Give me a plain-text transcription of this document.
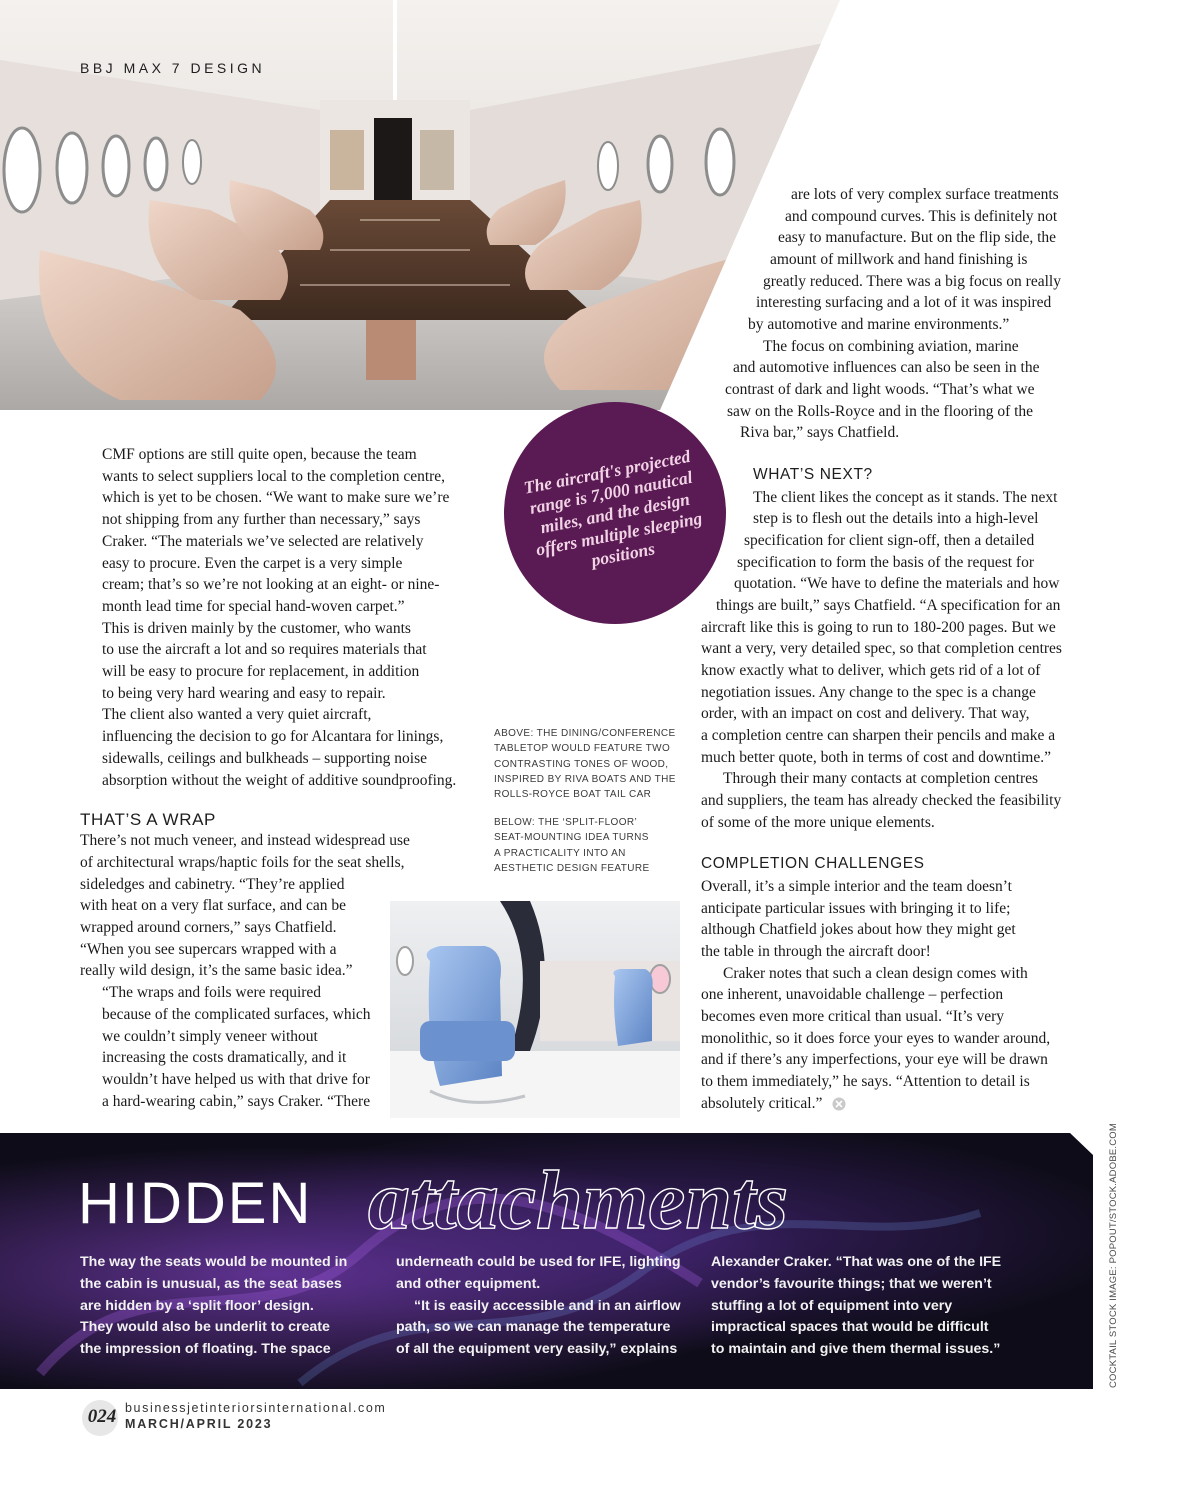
BBJ MAX 7 DESIGN

CMF options are still quite open, because the team
wants to select suppliers local to the completion centre,
which is yet to be chosen. “We want to make sure we’re
not shipping from any further than necessary,” says
Craker. “The materials we’ve selected are relatively
easy to procure. Even the carpet is a very simple
cream; that’s so we’re not looking at an eight- or nine-
month lead time for special hand-woven carpet.”

This is driven mainly by the customer, who wants
to use the aircraft a lot and so requires materials that
will be easy to procure for replacement, in addition
to being very hard wearing and easy to repair.

The client also wanted a very quiet aircraft,
influencing the decision to go for Alcantara for linings,
sidewalls, ceilings and bulkheads – supporting noise
absorption without the weight of additive soundproofing.

THAT’S A WRAP

There’s not much veneer, and instead widespread use
of architectural wraps/haptic foils for the seat shells,
sideledges and cabinetry. “They’re applied
with heat on a very flat surface, and can be
wrapped around corners,” says Chatfield.
“When you see supercars wrapped with a
really wild design, it’s the same basic idea.”

“The wraps and foils were required
because of the complicated surfaces, which
we couldn’t simply veneer without
increasing the costs dramatically, and it
wouldn’t have helped us with that drive for
a hard-wearing cabin,” says Craker. “There

The aircraft's projected range is 7,000 nautical miles, and the design offers multiple sleeping positions
ABOVE: THE DINING/CONFERENCE
TABLETOP WOULD FEATURE TWO
CONTRASTING TONES OF WOOD,
INSPIRED BY RIVA BOATS AND THE
ROLLS-ROYCE BOAT TAIL CAR
BELOW: THE ‘SPLIT-FLOOR’
SEAT-MOUNTING IDEA TURNS
A PRACTICALITY INTO AN
AESTHETIC DESIGN FEATURE
are lots of very complex surface treatments
and compound curves. This is definitely not
easy to manufacture. But on the flip side, the
amount of millwork and hand finishing is
greatly reduced. There was a big focus on really
interesting surfacing and a lot of it was inspired
by automotive and marine environments.”
The focus on combining aviation, marine
and automotive influences can also be seen in the
contrast of dark and light woods. “That’s what we
saw on the Rolls-Royce and in the flooring of the
Riva bar,” says Chatfield.
WHAT’S NEXT?
The client likes the concept as it stands. The next
step is to flesh out the details into a high-level
specification for client sign-off, then a detailed
specification to form the basis of the request for
quotation. “We have to define the materials and how
things are built,” says Chatfield. “A specification for an
aircraft like this is going to run to 180-200 pages. But we
want a very, very detailed spec, so that completion centres
know exactly what to deliver, which gets rid of a lot of
negotiation issues. Any change to the spec is a change
order, with an impact on cost and delivery. That way,
a completion centre can sharpen their pencils and make a
much better quote, both in terms of cost and downtime.”
Through their many contacts at completion centres
and suppliers, the team has already checked the feasibility
of some of the more unique elements.
COMPLETION CHALLENGES
Overall, it’s a simple interior and the team doesn’t
anticipate particular issues with bringing it to life;
although Chatfield jokes about how they might get
the table in through the aircraft door!
Craker notes that such a clean design comes with
one inherent, unavoidable challenge – perfection
becomes even more critical than usual. “It’s very
monolithic, so it does force your eyes to wander around,
and if there’s any imperfections, your eye will be drawn
to them immediately,” he says. “Attention to detail is
absolutely critical.”
HIDDEN attachments
The way the seats would be mounted in
the cabin is unusual, as the seat bases
are hidden by a ‘split floor’ design.
They would also be underlit to create
the impression of floating. The space
underneath could be used for IFE, lighting
and other equipment.
“It is easily accessible and in an airflow
path, so we can manage the temperature
of all the equipment very easily,” explains
Alexander Craker. “That was one of the IFE
vendor’s favourite things; that we weren’t
stuffing a lot of equipment into very
impractical spaces that would be difficult
to maintain and give them thermal issues.”	COCKTAIL STOCK IMAGE: POPOUT/STOCK.ADOBE.COM
024 businessjetinteriorsinternational.com
MARCH/APRIL 2023
